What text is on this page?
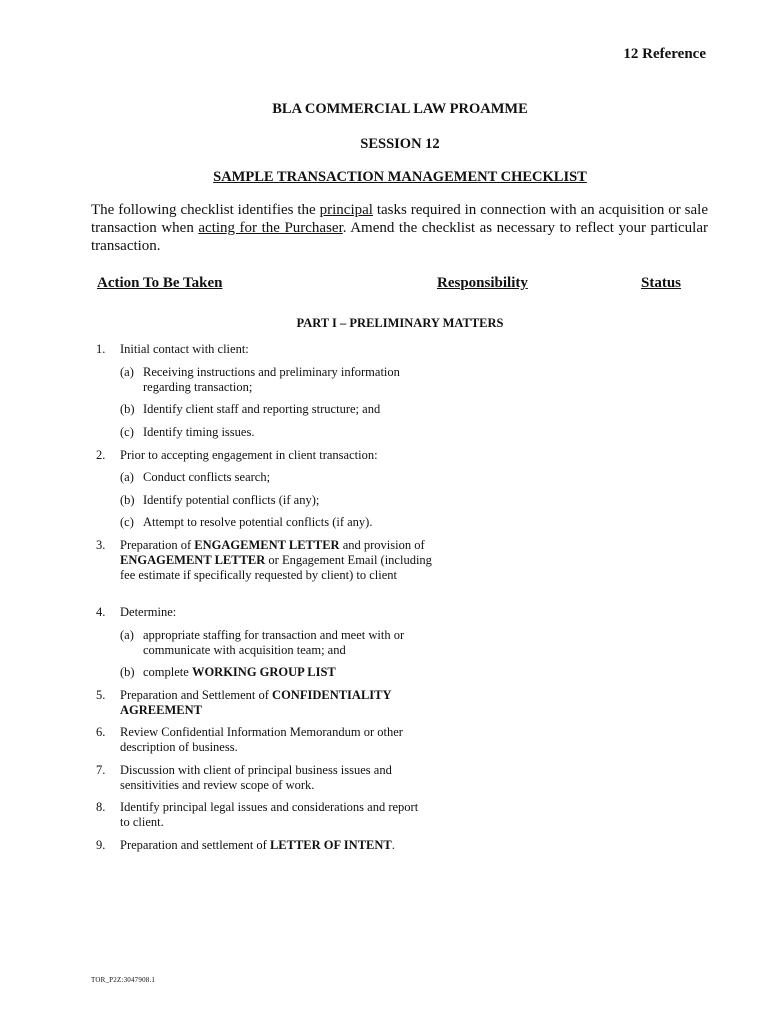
12 Reference
BLA COMMERCIAL LAW PROAMME
SESSION 12
SAMPLE TRANSACTION MANAGEMENT CHECKLIST
The following checklist identifies the principal tasks required in connection with an acquisition or sale transaction when acting for the Purchaser. Amend the checklist as necessary to reflect your particular transaction.
Action To Be Taken	Responsibility	Status
PART I – PRELIMINARY MATTERS
1.	Initial contact with client:
(a) Receiving instructions and preliminary information regarding transaction;
(b) Identify client staff and reporting structure; and
(c) Identify timing issues.
2.	Prior to accepting engagement in client transaction:
(a) Conduct conflicts search;
(b) Identify potential conflicts (if any);
(c) Attempt to resolve potential conflicts (if any).
3.	Preparation of ENGAGEMENT LETTER and provision of ENGAGEMENT LETTER or Engagement Email (including fee estimate if specifically requested by client) to client
4.	Determine:
(a) appropriate staffing for transaction and meet with or communicate with acquisition team; and
(b) complete WORKING GROUP LIST
5.	Preparation and Settlement of CONFIDENTIALITY AGREEMENT
6.	Review Confidential Information Memorandum or other description of business.
7.	Discussion with client of principal business issues and sensitivities and review scope of work.
8.	Identify principal legal issues and considerations and report to client.
9.	Preparation and settlement of LETTER OF INTENT.
TOR_P2Z:3047908.1
